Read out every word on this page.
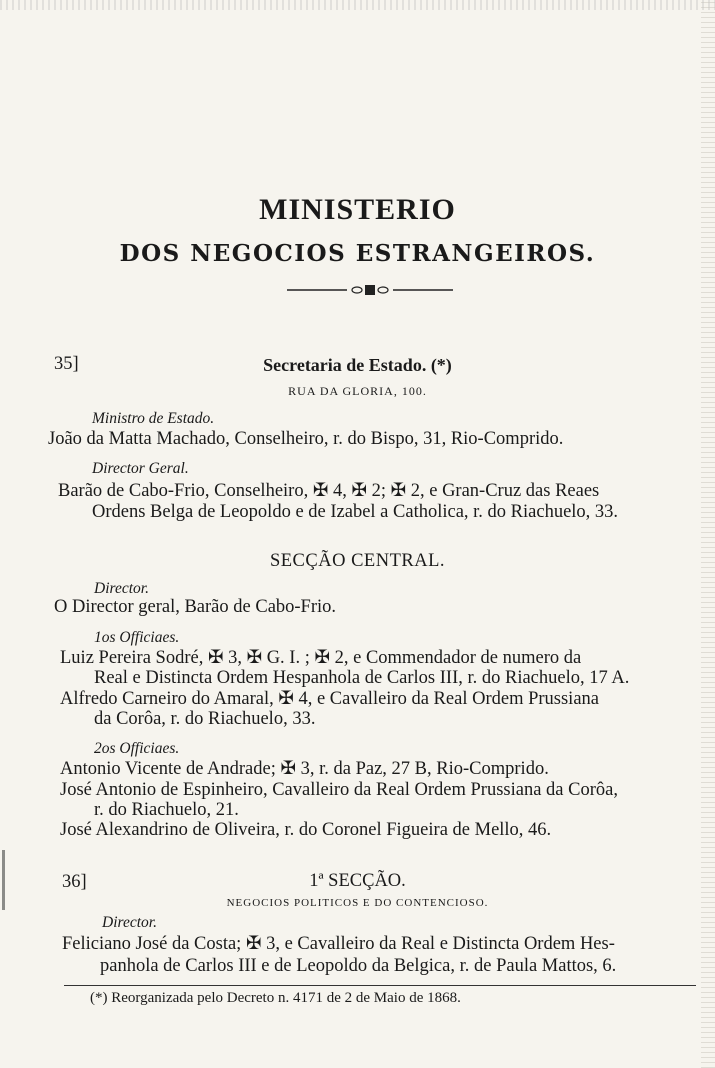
MINISTERIO
DOS NEGOCIOS ESTRANGEIROS.
35]	Secretaria de Estado. (*)
RUA DA GLORIA, 100.
Ministro de Estado.
João da Matta Machado, Conselheiro, r. do Bispo, 31, Rio-Comprido.
Director Geral.
Barão de Cabo-Frio, Conselheiro, ✠ 4, ✠ 2; ✠ 2, e Gran-Cruz das Reaes
Ordens Belga de Leopoldo e de Izabel a Catholica, r. do Riachuelo, 33.
SECÇÃO CENTRAL.
Director.
O Director geral, Barão de Cabo-Frio.
1os Officiaes.
Luiz Pereira Sodré, ✠ 3, ✠ G. I. ; ✠ 2, e Commendador de numero da
Real e Distincta Ordem Hespanhola de Carlos III, r. do Riachuelo, 17 A.
Alfredo Carneiro do Amaral, ✠ 4, e Cavalleiro da Real Ordem Prussiana
da Corôa, r. do Riachuelo, 33.
2os Officiaes.
Antonio Vicente de Andrade; ✠ 3, r. da Paz, 27 B, Rio-Comprido.
José Antonio de Espinheiro, Cavalleiro da Real Ordem Prussiana da Corôa,
r. do Riachuelo, 21.
José Alexandrino de Oliveira, r. do Coronel Figueira de Mello, 46.
36]	1ª SECÇÃO.
NEGOCIOS POLITICOS E DO CONTENCIOSO.
Director.
Feliciano José da Costa; ✠ 3, e Cavalleiro da Real e Distincta Ordem Hes-
panhola de Carlos III e de Leopoldo da Belgica, r. de Paula Mattos, 6.
(*) Reorganizada pelo Decreto n. 4171 de 2 de Maio de 1868.
